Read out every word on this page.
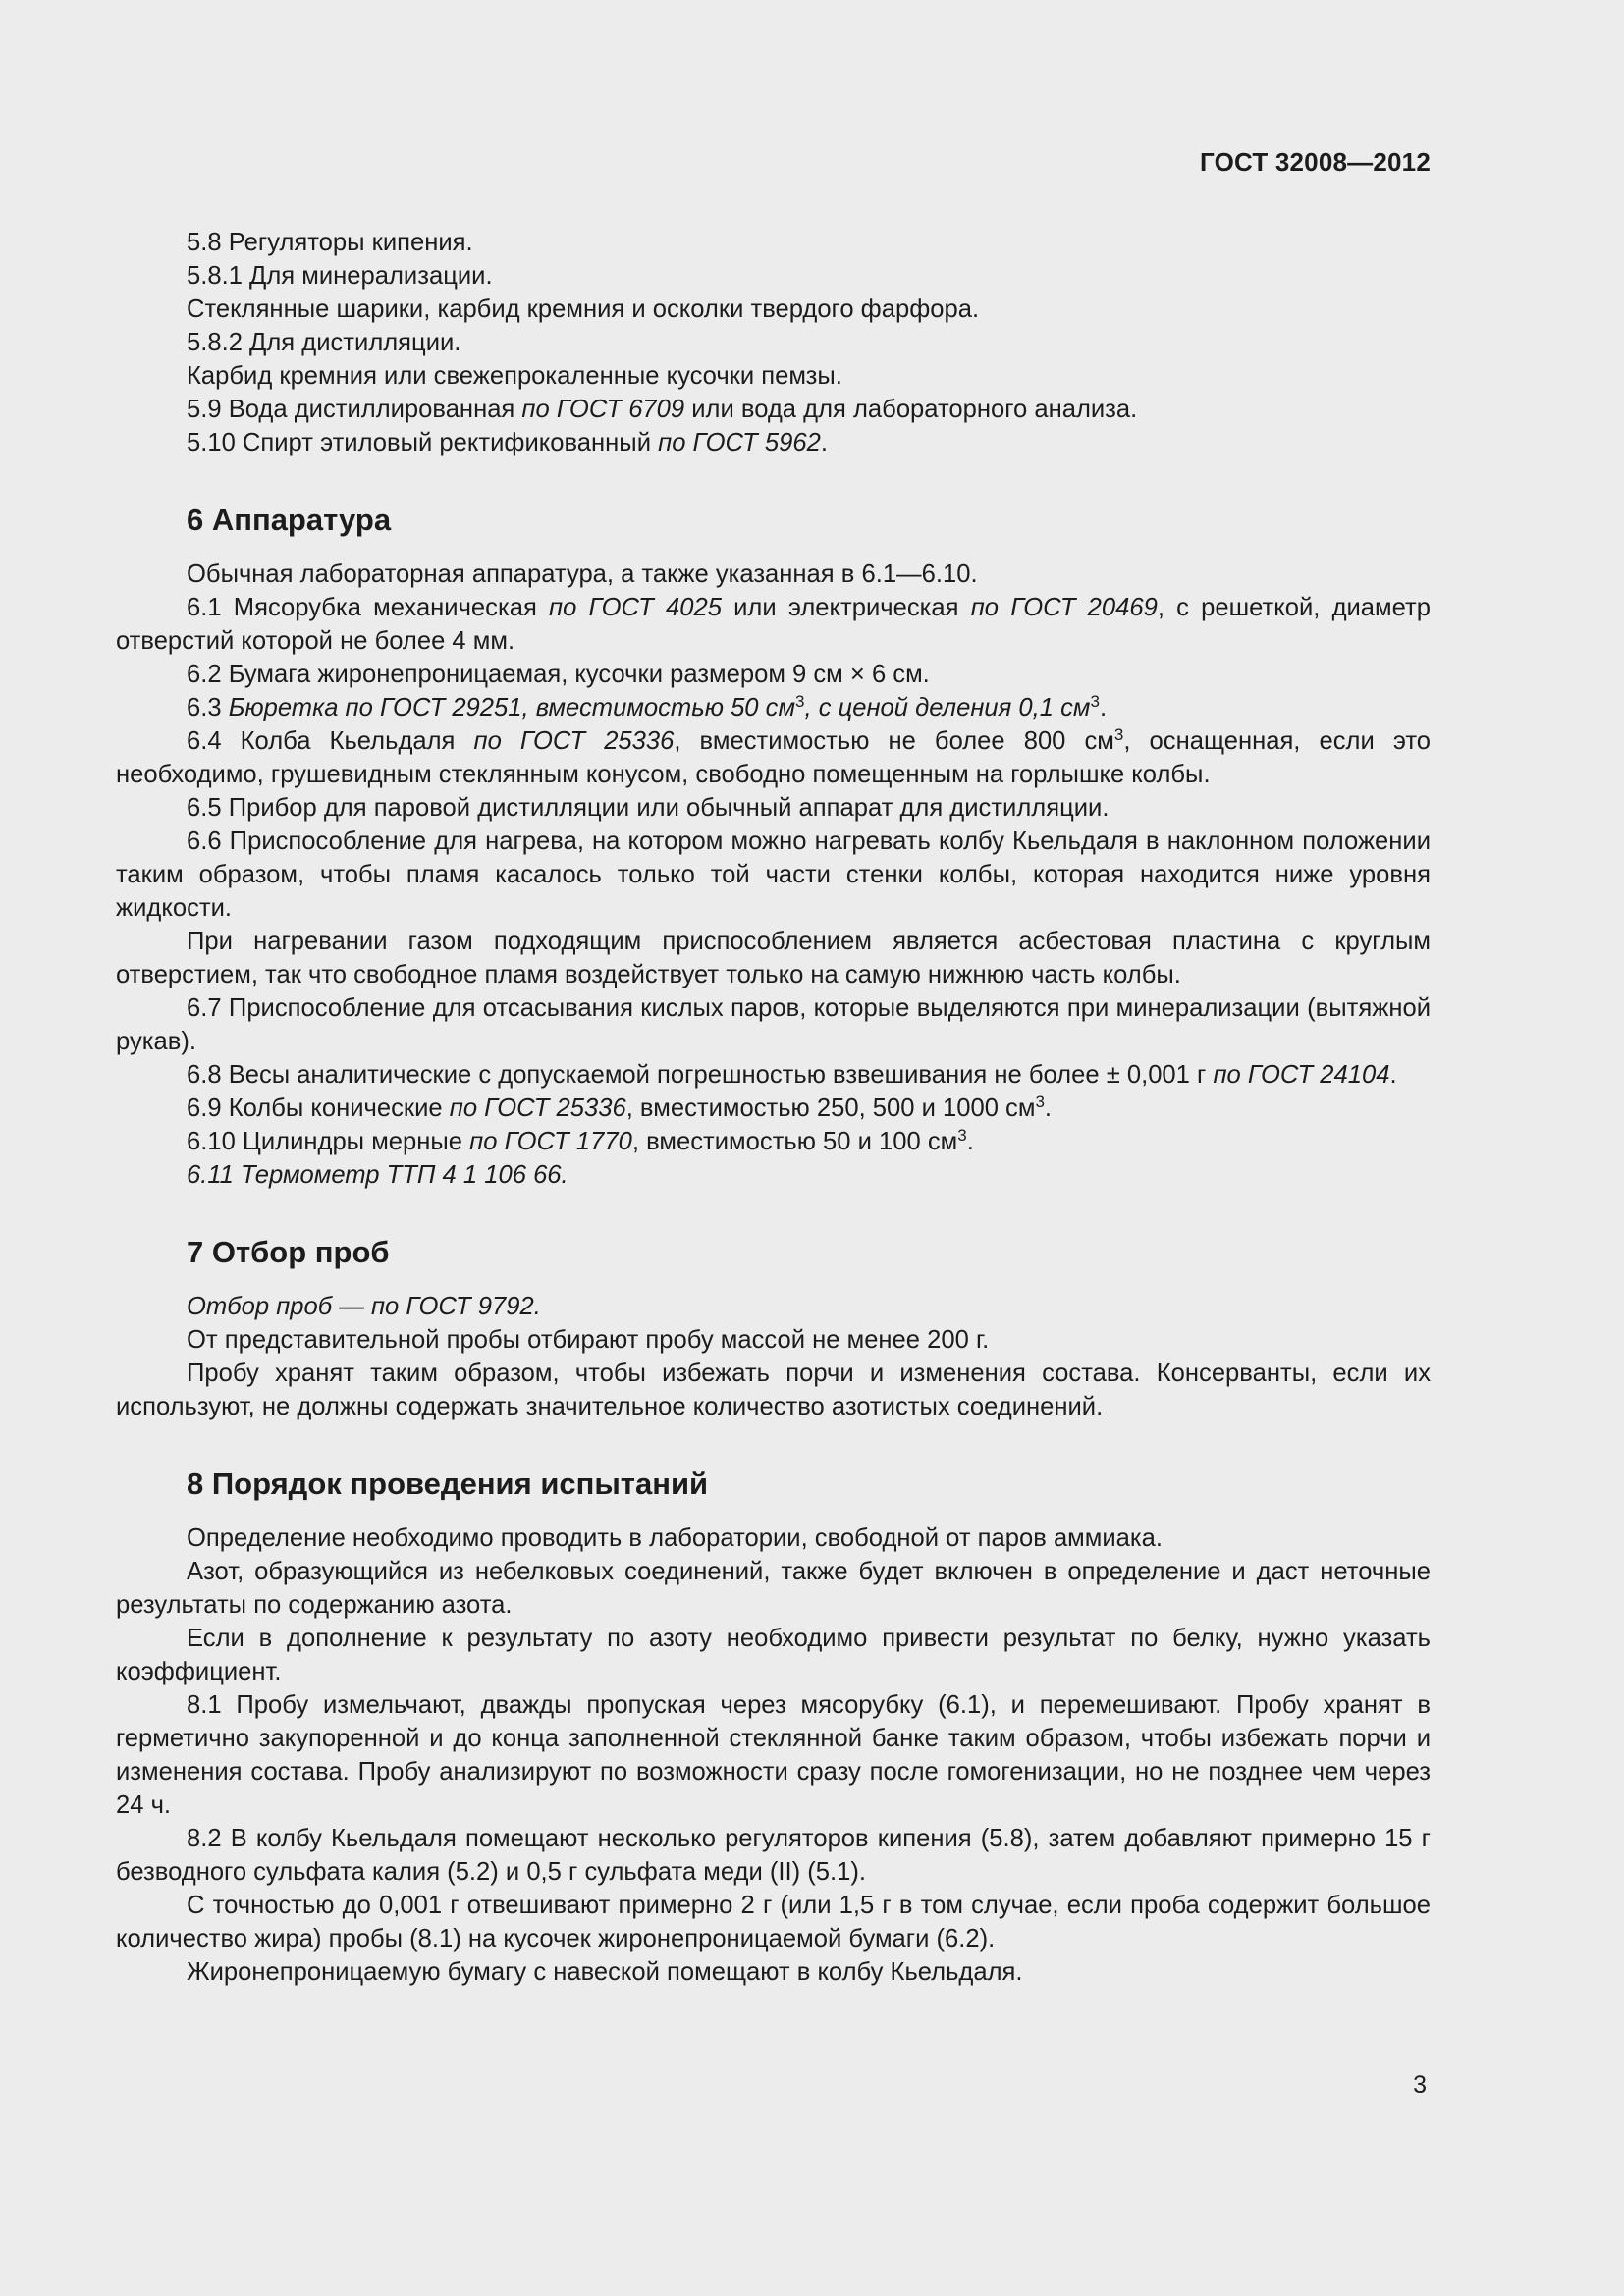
ГОСТ 32008—2012

5.8 Регуляторы кипения.

5.8.1 Для минерализации.

Стеклянные шарики, карбид кремния и осколки твердого фарфора.

5.8.2 Для дистилляции.

Карбид кремния или свежепрокаленные кусочки пемзы.

5.9 Вода дистиллированная по ГОСТ 6709 или вода для лабораторного анализа.

5.10 Спирт этиловый ректификованный по ГОСТ 5962.

6 Аппаратура

Обычная лабораторная аппаратура, а также указанная в 6.1—6.10.

6.1 Мясорубка механическая по ГОСТ 4025 или электрическая по ГОСТ 20469, с решеткой, диаметр отверстий которой не более 4 мм.

6.2 Бумага жиронепроницаемая, кусочки размером 9 см × 6 см.

6.3 Бюретка по ГОСТ 29251, вместимостью 50 $см^3$, с ценой деления 0,1 $см^3$.

6.4 Колба Кьельдаля по ГОСТ 25336, вместимостью не более 800 $см^3$, оснащенная, если это необходимо, грушевидным стеклянным конусом, свободно помещенным на горлышке колбы.

6.5 Прибор для паровой дистилляции или обычный аппарат для дистилляции.

6.6 Приспособление для нагрева, на котором можно нагревать колбу Кьельдаля в наклонном положении таким образом, чтобы пламя касалось только той части стенки колбы, которая находится ниже уровня жидкости.

При нагревании газом подходящим приспособлением является асбестовая пластина с круглым отверстием, так что свободное пламя воздействует только на самую нижнюю часть колбы.

6.7 Приспособление для отсасывания кислых паров, которые выделяются при минерализации (вытяжной рукав).

6.8 Весы аналитические с допускаемой погрешностью взвешивания не более ± 0,001 г по ГОСТ 24104.

6.9 Колбы конические по ГОСТ 25336, вместимостью 250, 500 и 1000 $см^3$.

6.10 Цилиндры мерные по ГОСТ 1770, вместимостью 50 и 100 $см^3$.

6.11 Термометр ТТП 4 1 106 66.

7 Отбор проб

Отбор проб — по ГОСТ 9792.

От представительной пробы отбирают пробу массой не менее 200 г.

Пробу хранят таким образом, чтобы избежать порчи и изменения состава. Консерванты, если их используют, не должны содержать значительное количество азотистых соединений.

8 Порядок проведения испытаний

Определение необходимо проводить в лаборатории, свободной от паров аммиака.

Азот, образующийся из небелковых соединений, также будет включен в определение и даст неточные результаты по содержанию азота.

Если в дополнение к результату по азоту необходимо привести результат по белку, нужно указать коэффициент.

8.1 Пробу измельчают, дважды пропуская через мясорубку (6.1), и перемешивают. Пробу хранят в герметично закупоренной и до конца заполненной стеклянной банке таким образом, чтобы избежать порчи и изменения состава. Пробу анализируют по возможности сразу после гомогенизации, но не позднее чем через 24 ч.

8.2 В колбу Кьельдаля помещают несколько регуляторов кипения (5.8), затем добавляют примерно 15 г безводного сульфата калия (5.2) и 0,5 г сульфата меди (II) (5.1).

С точностью до 0,001 г отвешивают примерно 2 г (или 1,5 г в том случае, если проба содержит большое количество жира) пробы (8.1) на кусочек жиронепроницаемой бумаги (6.2).

Жиронепроницаемую бумагу с навеской помещают в колбу Кьельдаля.

3
